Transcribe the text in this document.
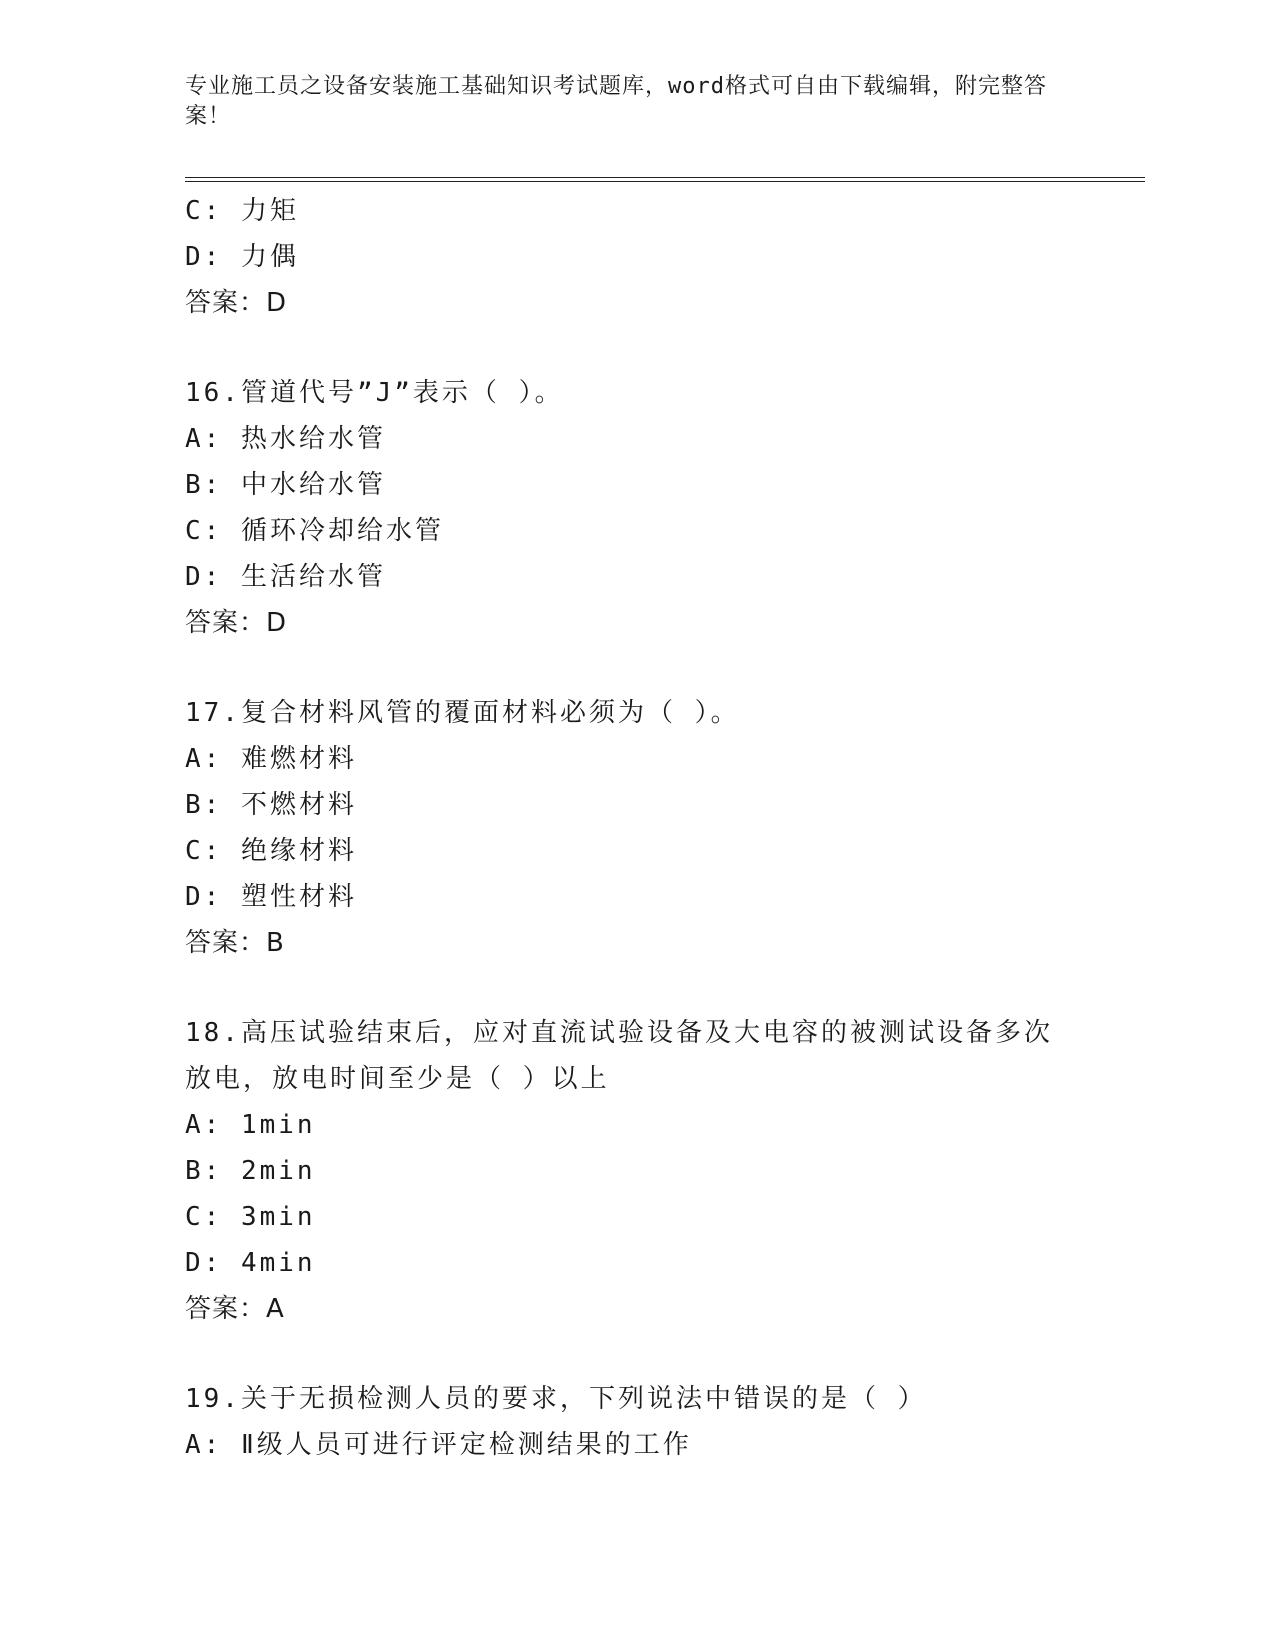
专业施工员之设备安装施工基础知识考试题库，word格式可自由下载编辑，附完整答案！
C: 力矩
D: 力偶
答案：D
16.管道代号”J”表示（ ）。
A: 热水给水管
B: 中水给水管
C: 循环冷却给水管
D: 生活给水管
答案：D
17.复合材料风管的覆面材料必须为（ ）。
A: 难燃材料
B: 不燃材料
C: 绝缘材料
D: 塑性材料
答案：B
18.高压试验结束后，应对直流试验设备及大电容的被测试设备多次放电，放电时间至少是（ ）以上
A: 1min
B: 2min
C: 3min
D: 4min
答案：A
19.关于无损检测人员的要求，下列说法中错误的是（ ）
A: Ⅱ级人员可进行评定检测结果的工作
